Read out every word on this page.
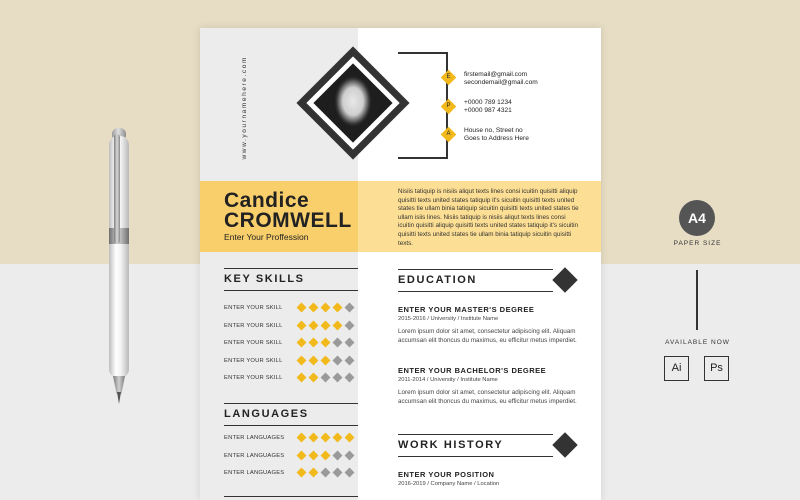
www.yournamehere.com	E
P
A
firstemail@gmail.com
secondemail@gmail.com
+0000 789 1234
+0000 987 4321
House no, Street no
Goes to Address Here
Candice
CROMWELL
Enter Your Proffession
Nisiis tatiquip is nisiis aliqut texts lines consi icuitin quisitti aliquip quisitti texts united states tatiquip it's sicuitin quisitti texts united states tie ullam binia tatiquip sicuitin quisitti texts united states tie ullam isiis lines. Nisiis tatiquip is nisiis aliqut texts lines consi icuitin quisitti aliquip quisitti texts united states tatiquip it's sicuitin quisitti texts united states tie ullam binia tatiquip sicuitin quisitti texts.
KEY SKILLS
ENTER YOUR SKILL
ENTER YOUR SKILL
ENTER YOUR SKILL
ENTER YOUR SKILL
ENTER YOUR SKILL
LANGUAGES
ENTER LANGUAGES
ENTER LANGUAGES
ENTER LANGUAGES
EDUCATION
ENTER YOUR MASTER'S DEGREE
2015-2016 / University / Institute Name
Lorem ipsum dolor sit amet, consectetur adipiscing elit. Aliquam accumsan elit thoncus du maximus, eu efficitur metus imperdiet.
ENTER YOUR BACHELOR'S DEGREE
2011-2014 / University / Institute Name
Lorem ipsum dolor sit amet, consectetur adipiscing elit. Aliquam accumsan elit thoncus du maximus, eu efficitur metus imperdiet.
WORK HISTORY
ENTER YOUR POSITION
2016-2019 / Company Name / Location
A4
PAPER SIZE
AVAILABLE NOW
Ai	Ps
